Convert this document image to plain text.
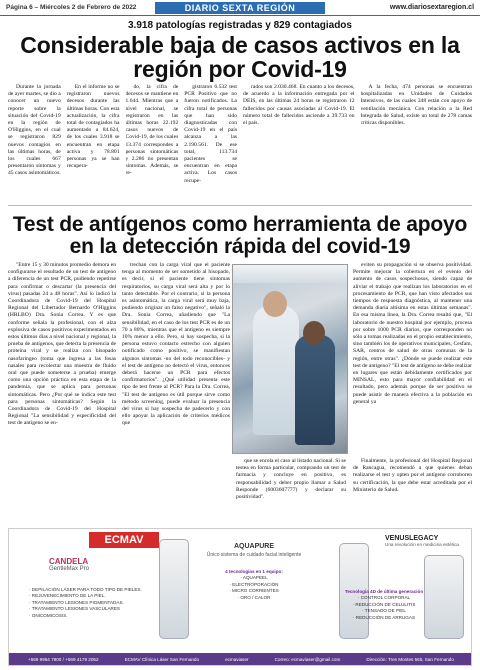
Página 6 – Miércoles 2 de Febrero de 2022	DIARIO SEXTA REGIÓN	www.diariosextaregion.cl
3.918 patologías registradas y 829 contagiados
Considerable baja de casos activos en la región por Covid-19

Durante la jornada de ayer martes, se dio a conocer un nuevo reporte sobre la situación del Covid-19 en la región de O'Higgins, en el cual se registraron 829 nuevos contagios en las últimas horas, de los cuales 667 presentaron síntomas y 45 casos asintomáticos.

En el informe no se registraron nuevos decesos durante las últimas horas. Con esta actualización, la cifra total de contagiados ha aumentado a 84.624, de los cuales 3.918 se encuentran en etapa activa y 78.801 personas ya se han recupera-

do, la cifra de decesos se mantiene en 1.644. Mientras que a nivel nacional, se registraron en las últimas horas 22.192 casos nuevos de Covid-19, de los cuales 13.374 correspondes a personas sintomáticas y 2.286 no presentan síntomas. Además, se re-

gistraron 6.532 test PCR Positivo que no fueron notificados. La cifra total de personas que han sido diagnosticadas con Covid-19 en el país alcanza a las 2.190.561. De ese total, 113.734 pacientes se encuentran en etapa activa. Los casos recupe-

rados son 2.030.468. En cuanto a los decesos, de acuerdo a la información entregada por el DEIS, en las últimas 24 horas se registraron 12 fallecidos por causas asociadas al Covid-19. El número total de fallecidos asciende a 39.733 en el país.

A la fecha, 474 personas se encuentran hospitalizadas en Unidades de Cuidados Intensivos, de las cuales 348 están con apoyo de ventilación mecánica. Con relación a la Red Integrada de Salud, existe un total de 278 camas críticas disponibles.

Test de antígenos como herramienta de apoyo en la detección rápida del covid-19

"Entre 15 y 30 minutos promedio demora en configurarse el resultado de un test de antígeno a diferencia de un test PCR, pudiendo repetirse para confirmar o descartar (la presencia del virus) pasadas 24 a 48 horas". Así lo indicó la Coordinadora de Covid-19 del Hospital Regional del Libertador Bernardo O'Higgins (HRLBO) Dra. Sonia Correa. Y es que conforme señala la profesional, con el alza explosiva de casos positivos experimentados en estos últimos días a nivel nacional y regional, la prueba de antígenos, que detecta la presencia de proteína viral y se realiza con hisopado nasofaríngeo (toma que ingresa a las fosas nasales para recolectar una muestra de fluido oral que puede someterse a prueba) emerge como una opción práctica en esta etapa de la pandemia, que se aplica para personas sintomáticas. Pero ¿Por qué se indica este test para personas sintomáticas? Según la Coordinadora de Covid-19 del Hospital Regional "La sensibilidad y especificidad del test de antígeno se en-

trechan con la carga viral que el paciente tenga al momento de ser sometido al hisopado, es decir, si el paciente tiene síntomas respiratorios, su carga viral será alta y por lo tanto detectable. Por el contrario, si la persona es asintomática, la carga viral será muy baja, pudiendo originar un falso negativo", señaló la Dra. Sonia Correa, añadiendo que "La sensibilidad, en el caso de los test PCR es de un 70 a 80%, mientras que el antígeno es siempre 10% menor a ello. Pero, si hay sospecha, si la persona estuvo contacto estrecho con alguien notificado como positivo, se manifiestan algunos síntomas -no del todo reconocibles- y el test de antígeno no detectó el virus, entonces deberá hacerse un PCR para efectos confirmatorios". ¿Qué utilidad presenta este tipo de test frente al PCR? Para la Dra. Correa, "El test de antígeno es útil porque sirve como método screening, puede evaluar la presencia del virus si hay sospecha de padecerlo y con ello apoyar la aplicación de criterios médicos que

eviten su propagación si se observa positividad. Permite mejorar la cobertura en el evento del aumento de casos sospechosos, siendo capaz de aliviar el trabajo que realizan los laboratorios en el procesamiento de PCR, que han visto afectados sus tiempos de respuesta diagnóstica, al mantener una demanda diaria altísima en estas últimas semanas". En esa misma línea, la Dra. Correa resaltó que, "El laboratorio de nuestro hospital por ejemplo, procesa por sobre 1000 PCR diarios, que corresponden no sólo a tomas realizadas en el propio establecimiento, sino también los de operativos municipales, Cesfam, SAR, centros de salud de otras comunas de la región, entre otras". ¿Dónde se puede realizar este test de antígeno? "El test de antígeno se debe realizar en lugares que están debidamente certificados por MINSAL, esto para mayor confiabilidad en el resultado, pero además porque de ser positivo se puede asistir de manera efectiva a la población en general ya

que se enrola el caso al listado nacional. Si se testea en forma particular, comprando un test de farmacia y concluye en positivo, es responsabilidad y deber propio llamar a Salud Responde (6003607777) y declarar su positividad".

Finalmente, la profesional del Hospital Regional de Rancagua, recomendó a que quienes deban realizarse el test y opten por el antígeno corroboren su certificación, la que debe estar acreditada por el Ministerio de Salud.

ECMAV
CANDELA
GentleMax Pro
· DEPILACIÓN LÁSER PARA TODO TIPO DE PIELES.
· REJUVENECIMIENTO DE LA PIEL.
· TRATAMIENTO LESIONES PIGMENTADAS.
· TRATAMIENTO LESIONES VASCULARES
· ONICOMICOSIS.
AQUAPURE
Único sistema de cuidado facial inteligente
4 tecnologías en 1 equipo:
· AQUAPEEL
· ELECTROPORACIÓN
· MICRO CORRIENTES
· ORO / CALOR
VENUSLEGACY
Una revolución en medicina estética
Tecnología 4D de última generación
· CONTROL CORPORAL
· REDUCCIÓN DE CELULITIS
· TENSADO DE PIEL
· REDUCCIÓN DE ARRUGAS
+569 9964 7800 / +569 4179 2052	ECMAV Clínica Láser San Fernando	ecmaviaser	Correo: ecmaviaser@gmail.com	Dirección: Tres Montes 565, San Fernando
